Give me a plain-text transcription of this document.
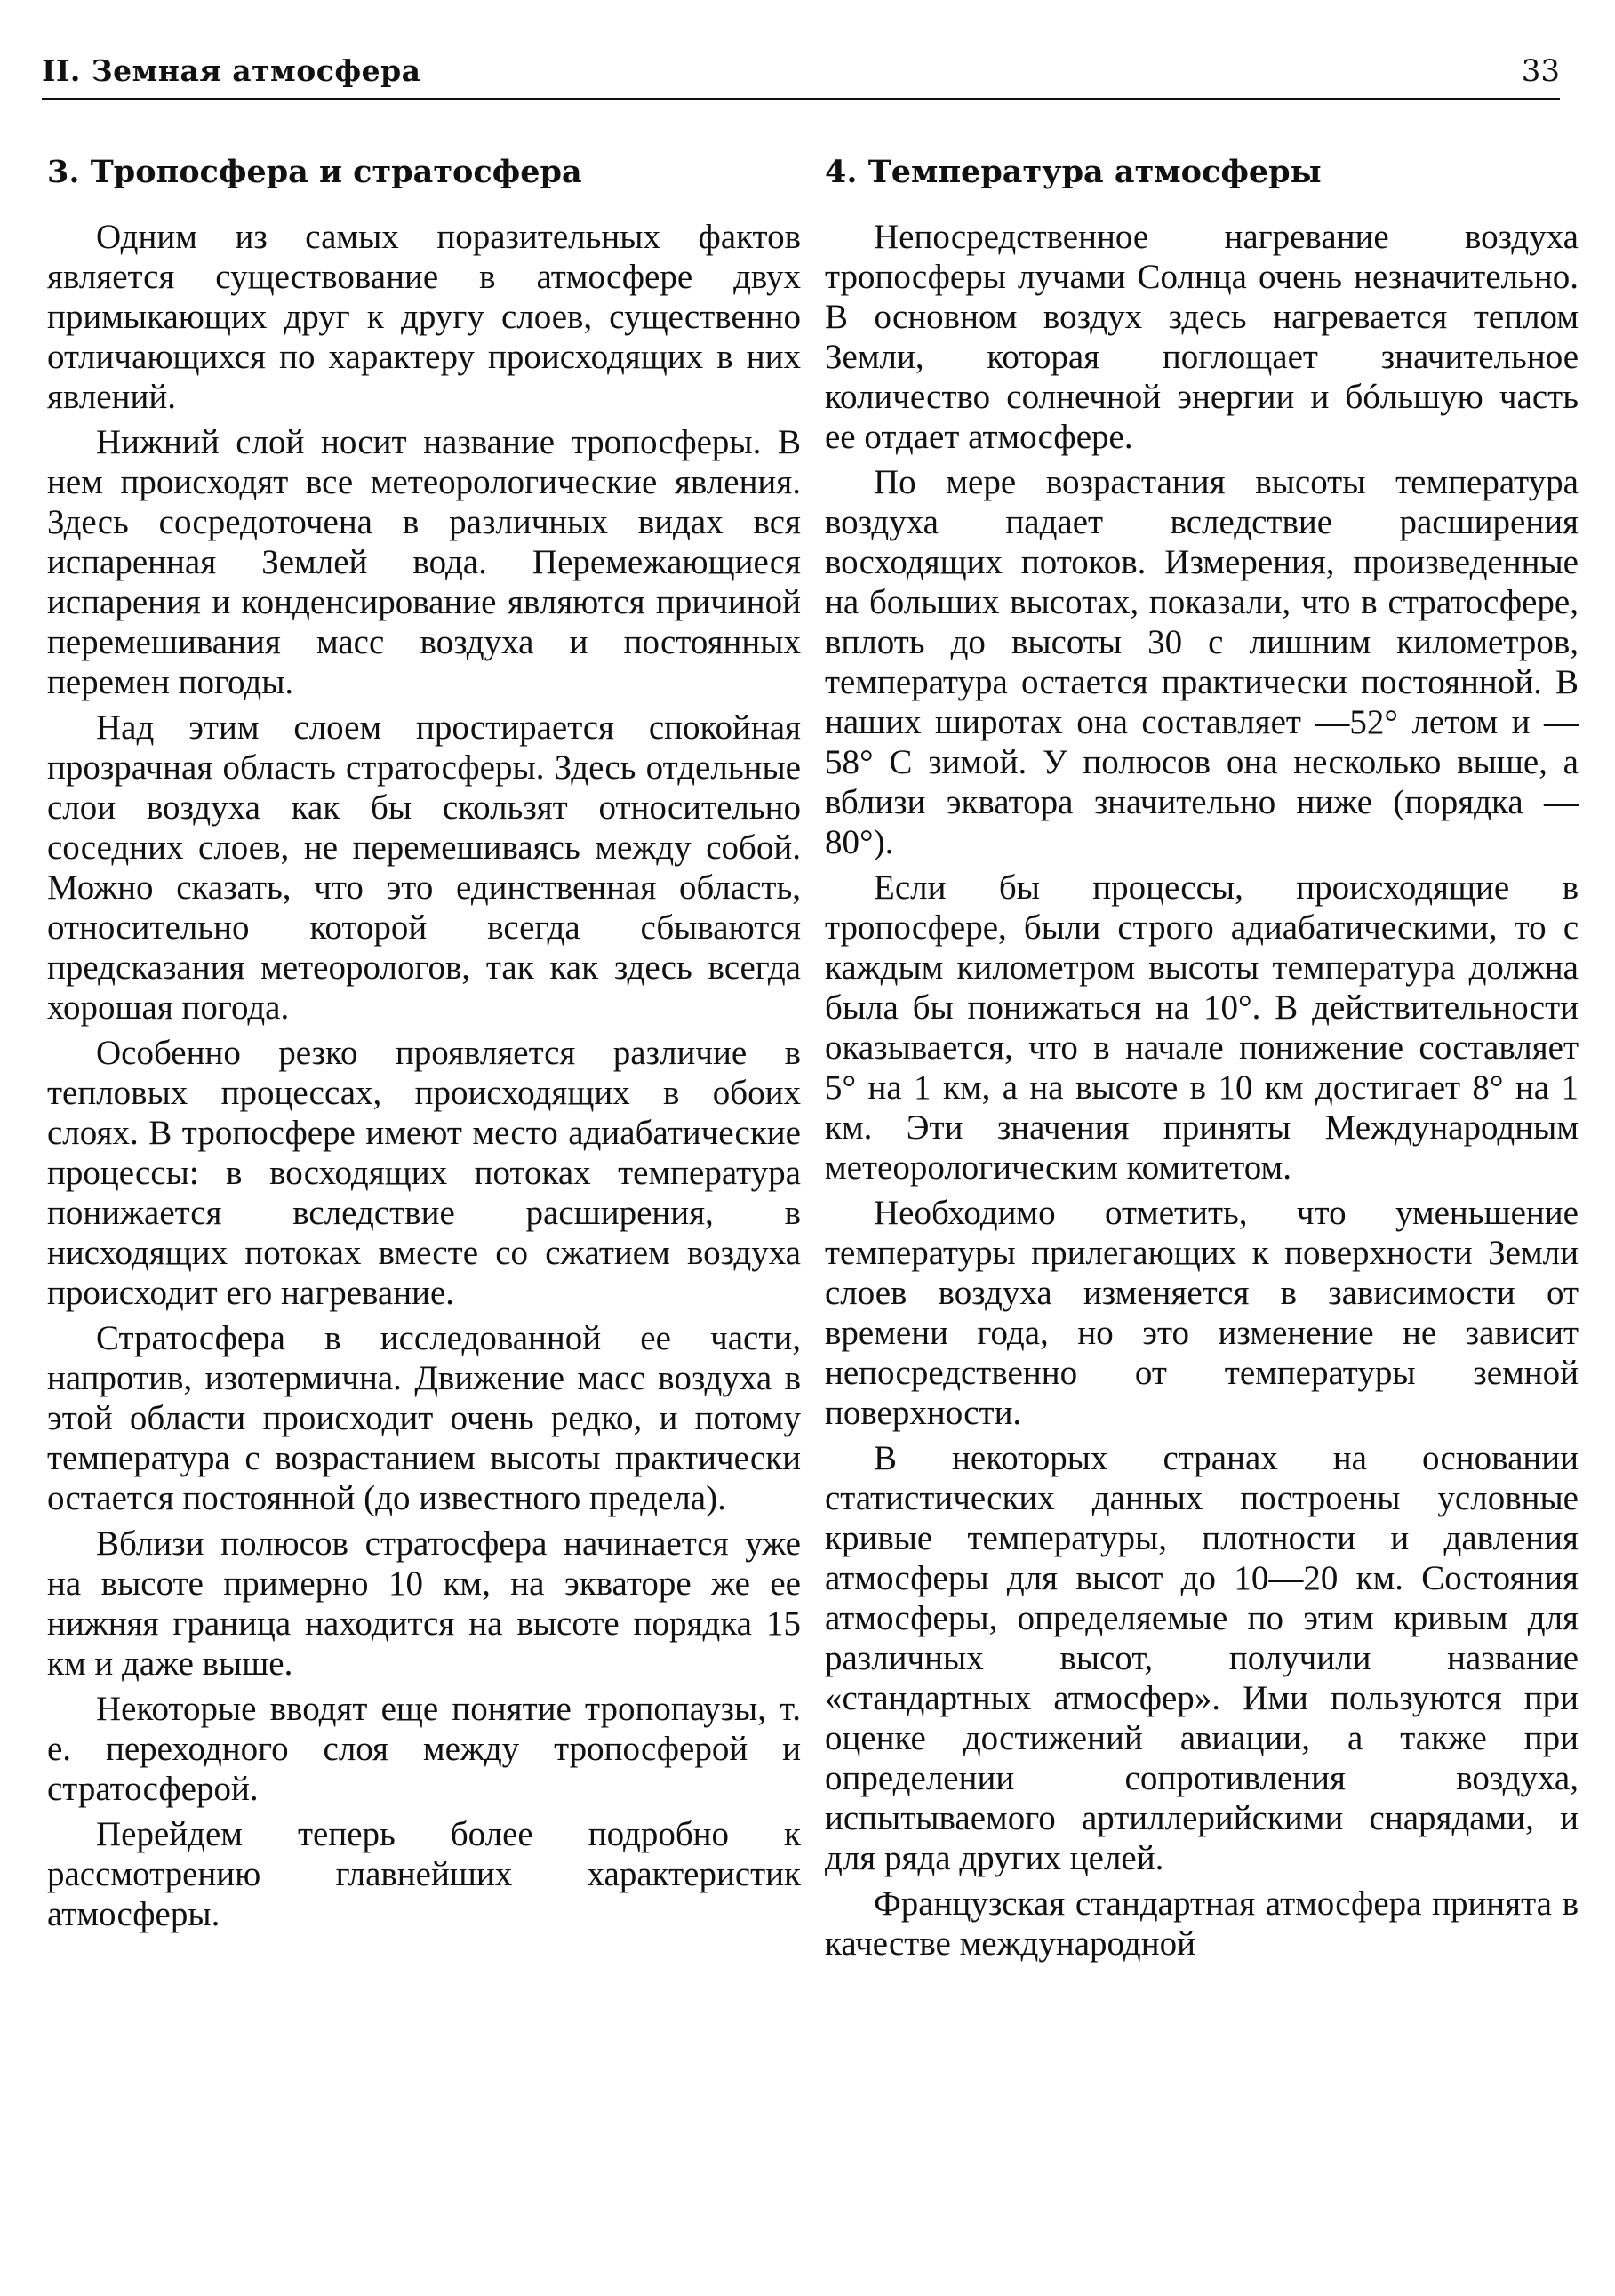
II. Земная атмосфера	33
3. Тропосфера и стратосфера

Одним из самых поразительных фактов является существование в атмосфере двух примыкающих друг к другу слоев, существенно отличающихся по характеру происходящих в них явлений.

Нижний слой носит название тропосферы. В нем происходят все метеорологические явления. Здесь сосредоточена в различных видах вся испаренная Землей вода. Перемежающиеся испарения и конденсирование являются причиной перемешивания масс воздуха и постоянных перемен погоды.

Над этим слоем простирается спокойная прозрачная область стратосферы. Здесь отдельные слои воздуха как бы скользят относительно соседних слоев, не перемешиваясь между собой. Можно сказать, что это единственная область, относительно которой всегда сбываются предсказания метеорологов, так как здесь всегда хорошая погода.

Особенно резко проявляется различие в тепловых процессах, происходящих в обоих слоях. В тропосфере имеют место адиабатические процессы: в восходящих потоках температура понижается вследствие расширения, в нисходящих потоках вместе со сжатием воздуха происходит его нагревание.

Стратосфера в исследованной ее части, напротив, изотермична. Движение масс воздуха в этой области происходит очень редко, и потому температура с возрастанием высоты практически остается постоянной (до известного предела).

Вблизи полюсов стратосфера начинается уже на высоте примерно 10 км, на экваторе же ее нижняя граница находится на высоте порядка 15 км и даже выше.

Некоторые вводят еще понятие тропопаузы, т. е. переходного слоя между тропосферой и стратосферой.

Перейдем теперь более подробно к рассмотрению главнейших характеристик атмосферы.

4. Температура атмосферы

Непосредственное нагревание воздуха тропосферы лучами Солнца очень незначительно. В основном воздух здесь нагревается теплом Земли, которая поглощает значительное количество солнечной энергии и бóльшую часть ее отдает атмосфере.

По мере возрастания высоты температура воздуха падает вследствие расширения восходящих потоков. Измерения, произведенные на больших высотах, показали, что в стратосфере, вплоть до высоты 30 с лишним километров, температура остается практически постоянной. В наших широтах она составляет —52° летом и —58° С зимой. У полюсов она несколько выше, а вблизи экватора значительно ниже (порядка —80°).

Если бы процессы, происходящие в тропосфере, были строго адиабатическими, то с каждым километром высоты температура должна была бы понижаться на 10°. В действительности оказывается, что в начале понижение составляет 5° на 1 км, а на высоте в 10 км достигает 8° на 1 км. Эти значения приняты Международным метеорологическим комитетом.

Необходимо отметить, что уменьшение температуры прилегающих к поверхности Земли слоев воздуха изменяется в зависимости от времени года, но это изменение не зависит непосредственно от температуры земной поверхности.

В некоторых странах на основании статистических данных построены условные кривые температуры, плотности и давления атмосферы для высот до 10—20 км. Состояния атмосферы, определяемые по этим кривым для различных высот, получили название «стандартных атмосфер». Ими пользуются при оценке достижений авиации, а также при определении сопротивления воздуха, испытываемого артиллерийскими снарядами, и для ряда других целей.

Французская стандартная атмосфера принята в качестве международной
